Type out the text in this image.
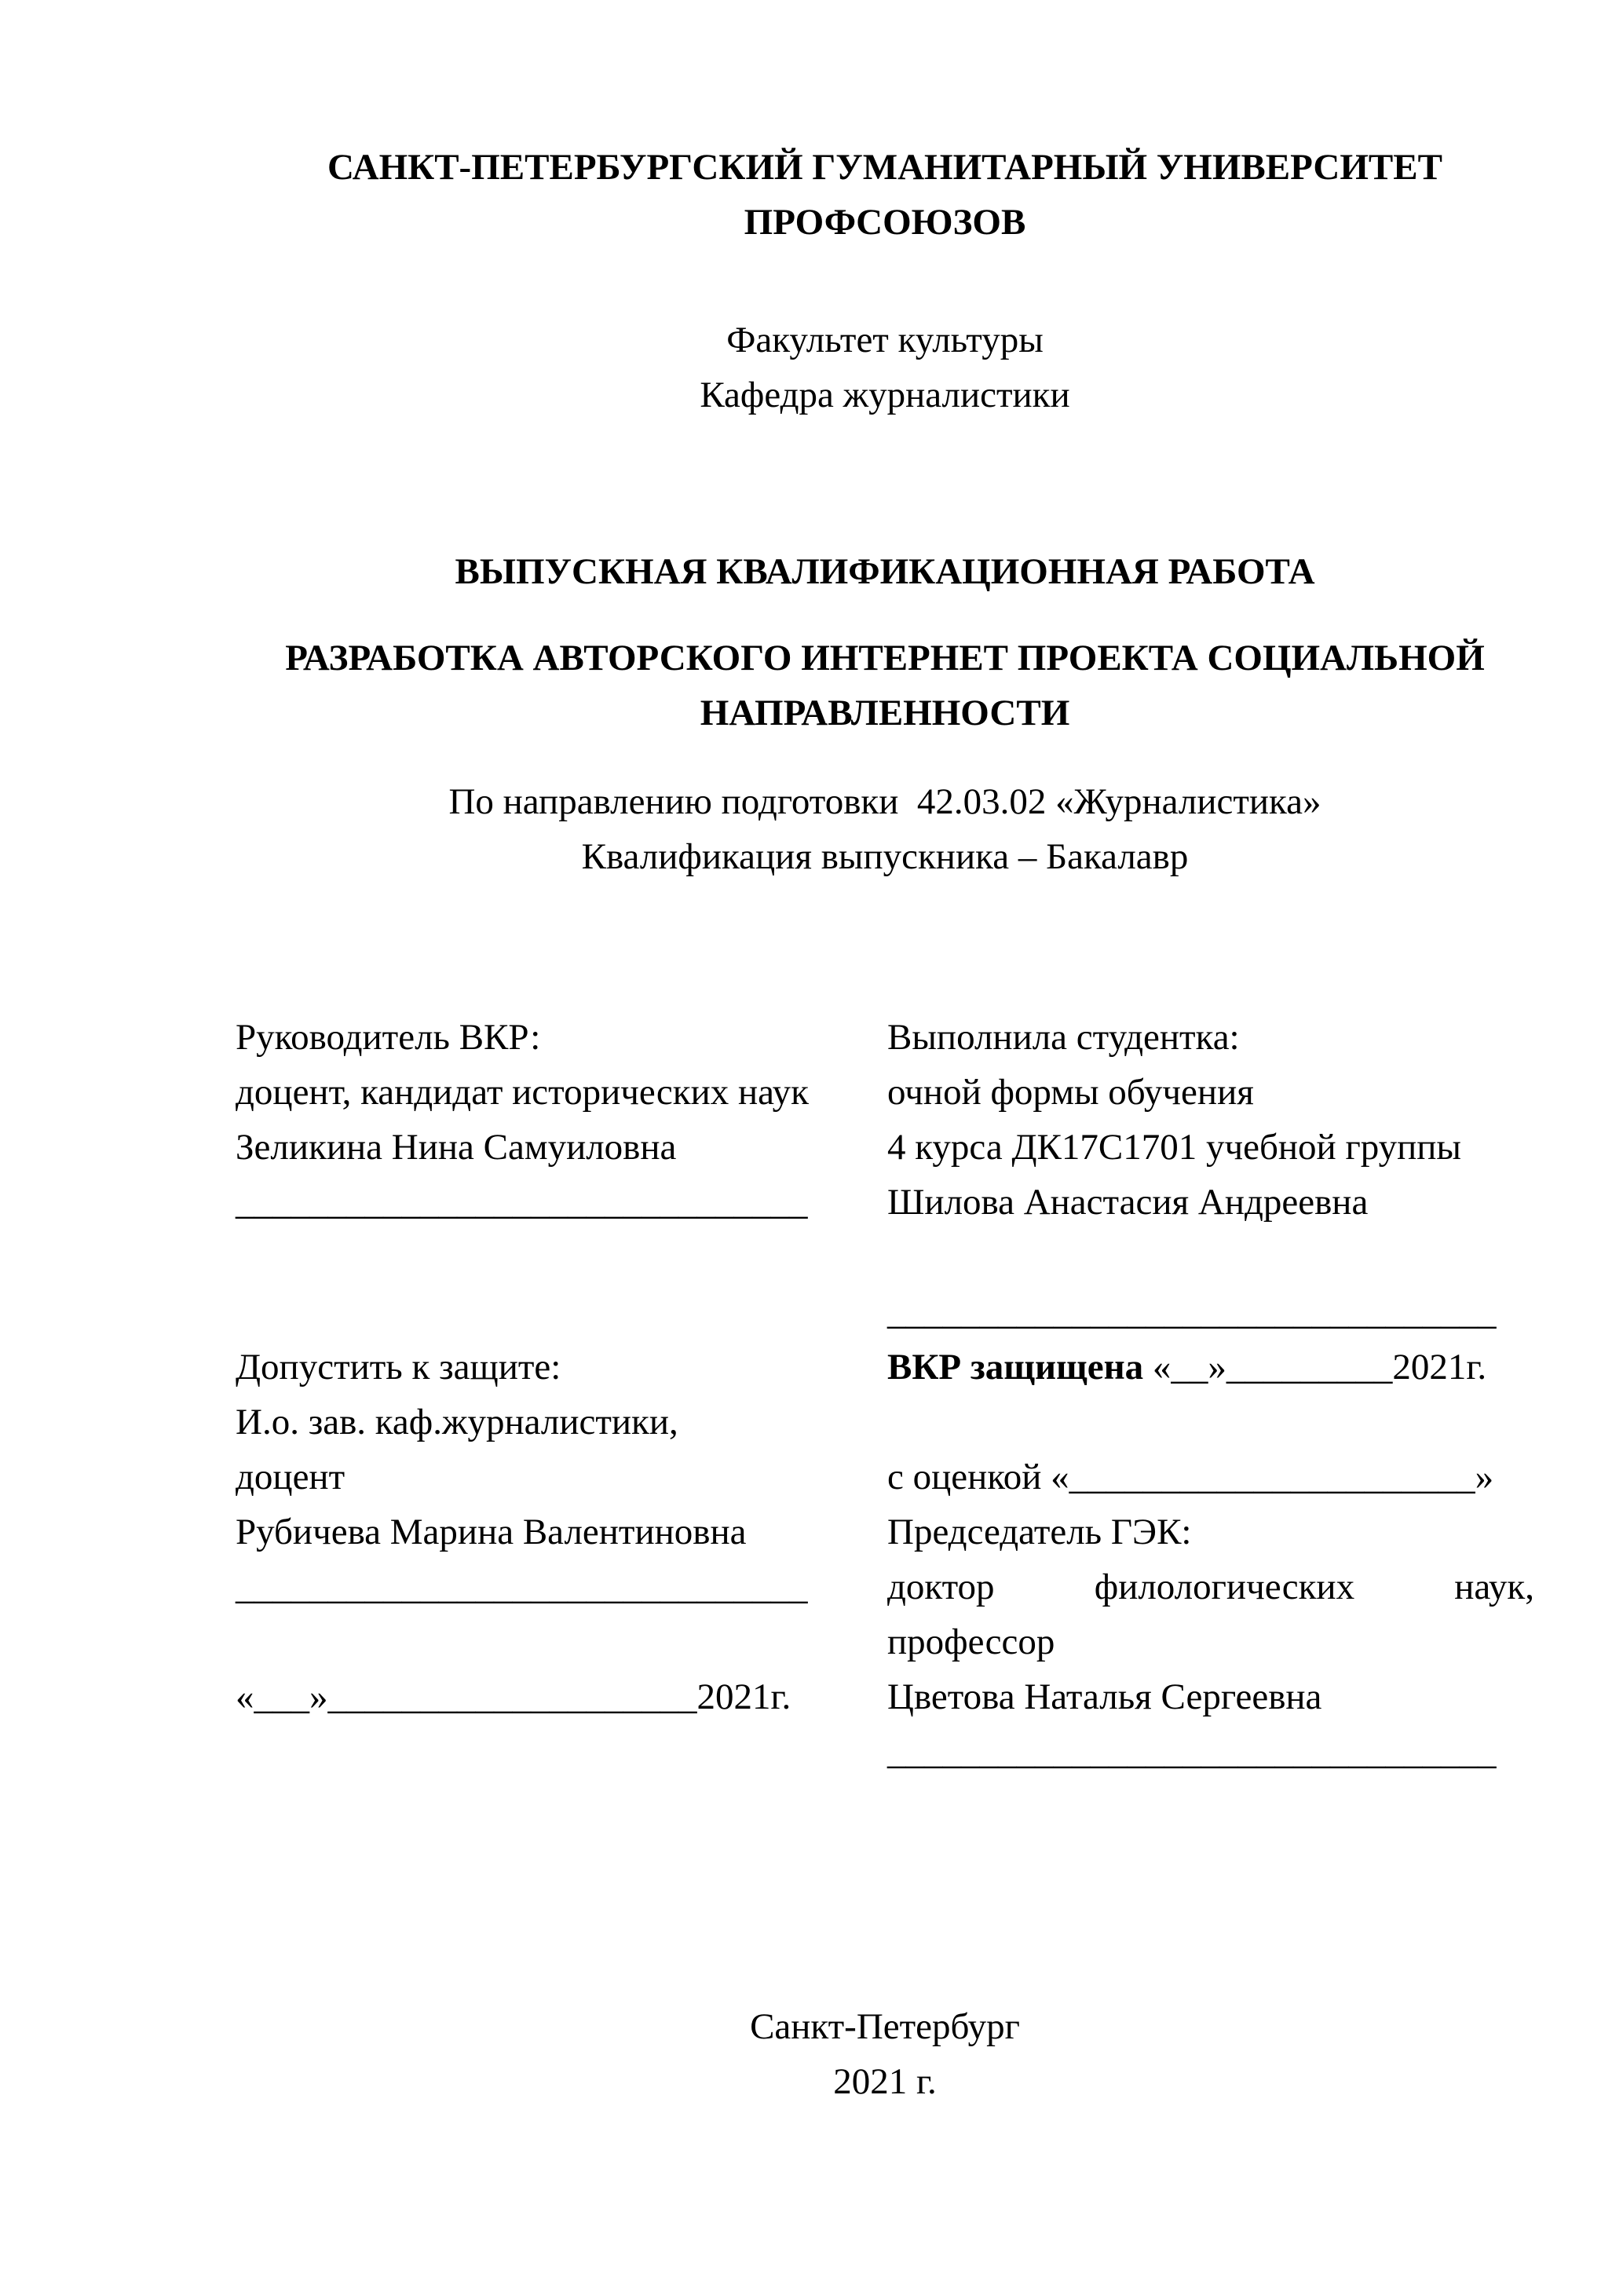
САНКТ-ПЕТЕРБУРГСКИЙ ГУМАНИТАРНЫЙ УНИВЕРСИТЕТ ПРОФСОЮЗОВ
Факультет культуры
Кафедра журналистики
ВЫПУСКНАЯ КВАЛИФИКАЦИОННАЯ РАБОТА
РАЗРАБОТКА АВТОРСКОГО ИНТЕРНЕТ ПРОЕКТА СОЦИАЛЬНОЙ НАПРАВЛЕННОСТИ
По направлению подготовки  42.03.02 «Журналистика»
Квалификация выпускника – Бакалавр
Руководитель ВКР:
доцент, кандидат исторических наук
Зеликина Нина Самуиловна
_______________________________
Допустить к защите:
И.о. зав. каф.журналистики,
доцент
Рубичева Марина Валентиновна
_______________________________
«___»____________________2021г.
Выполнила студентка:
очной формы обучения
4 курса ДК17С1701 учебной группы
Шилова Анастасия Андреевна
_________________________________
ВКР защищена «__»_________2021г.
с оценкой «______________________»
Председатель ГЭК:
доктор филологических наук,
профессор
Цветова Наталья Сергеевна
_________________________________
Санкт-Петербург
2021 г.
